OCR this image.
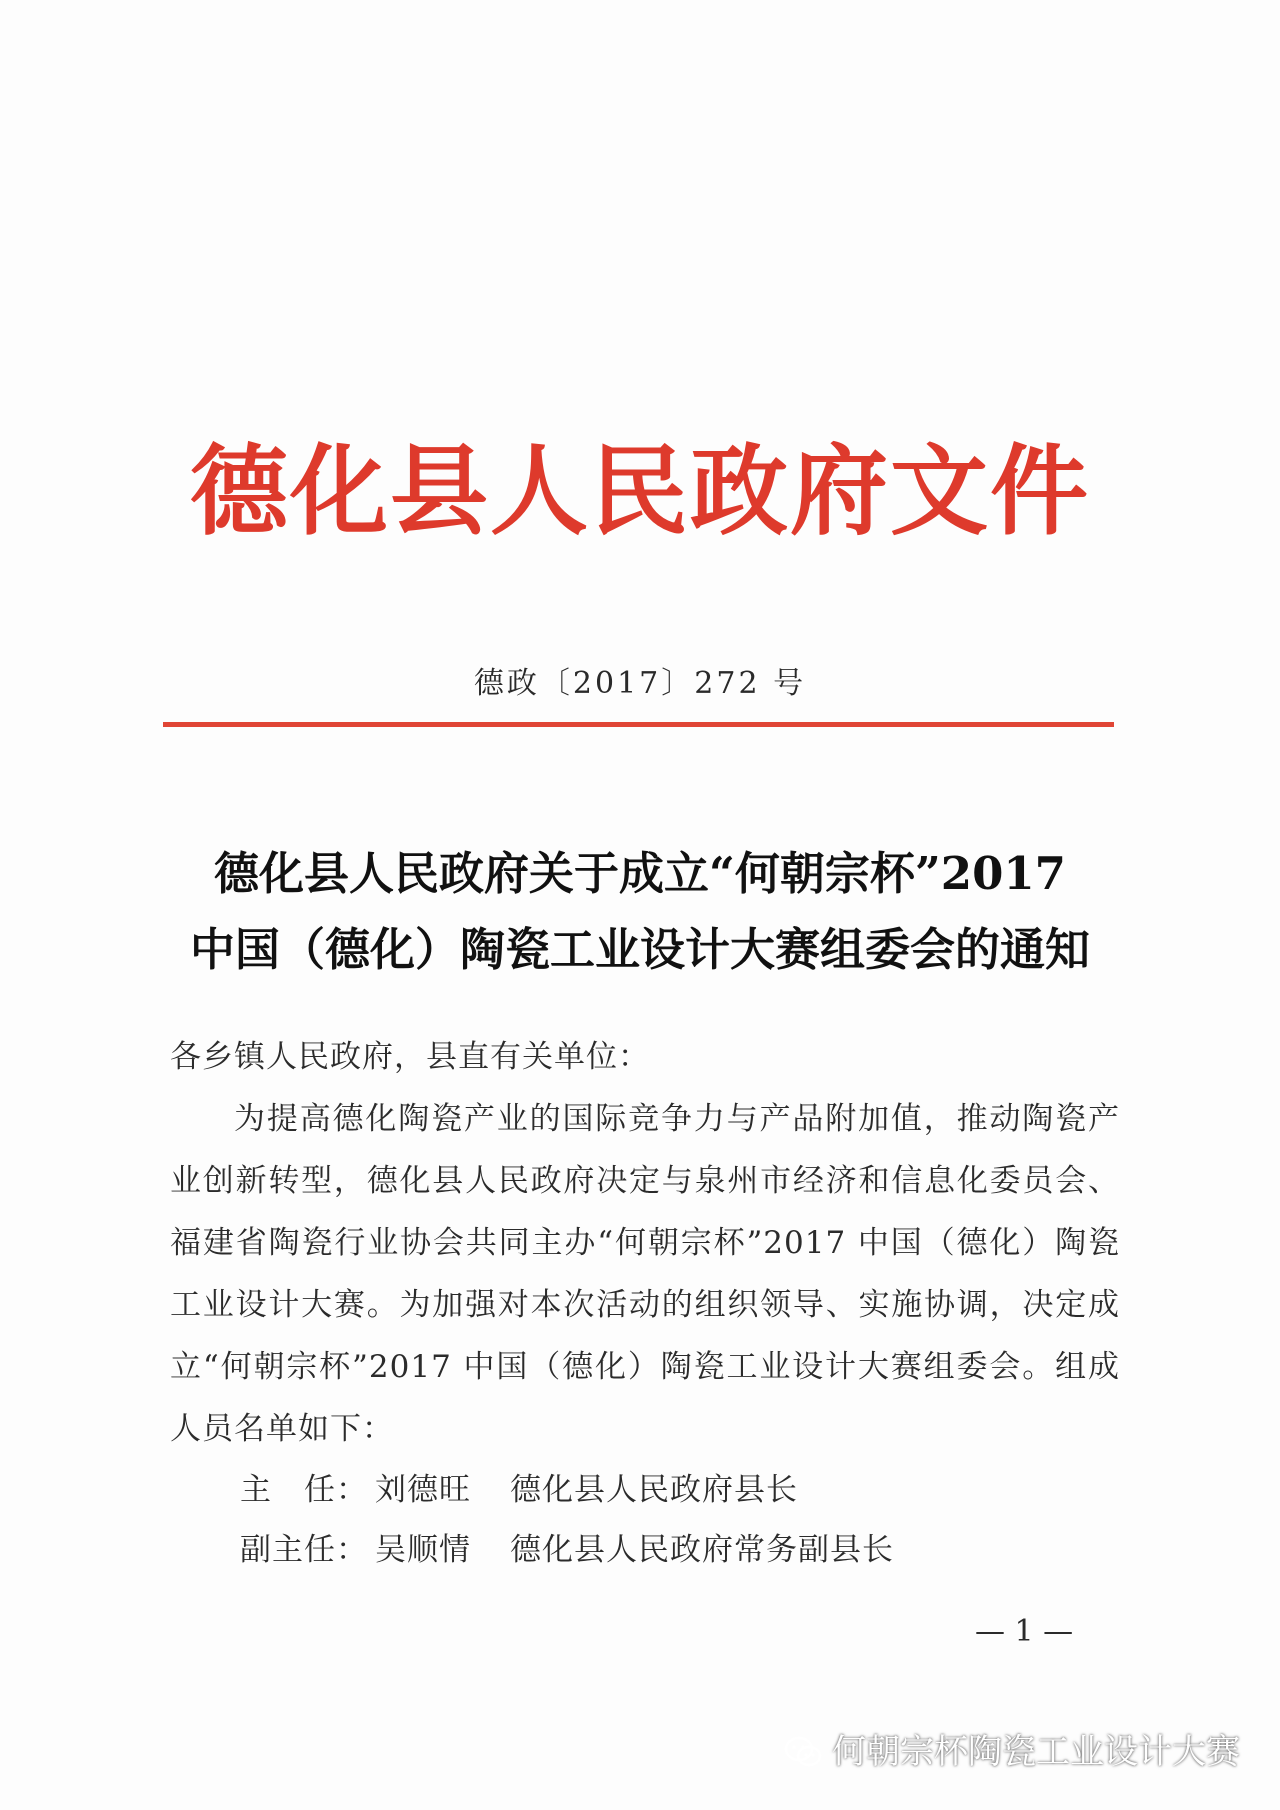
德化县人民政府文件
德政〔2017〕272 号
德化县人民政府关于成立“何朝宗杯”2017
中国（德化）陶瓷工业设计大赛组委会的通知
各乡镇人民政府，县直有关单位：
为提高德化陶瓷产业的国际竞争力与产品附加值，推动陶瓷产业创新转型，德化县人民政府决定与泉州市经济和信息化委员会、福建省陶瓷行业协会共同主办“何朝宗杯”2017 中国（德化）陶瓷工业设计大赛。为加强对本次活动的组织领导、实施协调，决定成立“何朝宗杯”2017 中国（德化）陶瓷工业设计大赛组委会。组成人员名单如下：
主　任： 刘德旺 德化县人民政府县长
副主任： 吴顺情 德化县人民政府常务副县长
— 1 —
何朝宗杯陶瓷工业设计大赛
